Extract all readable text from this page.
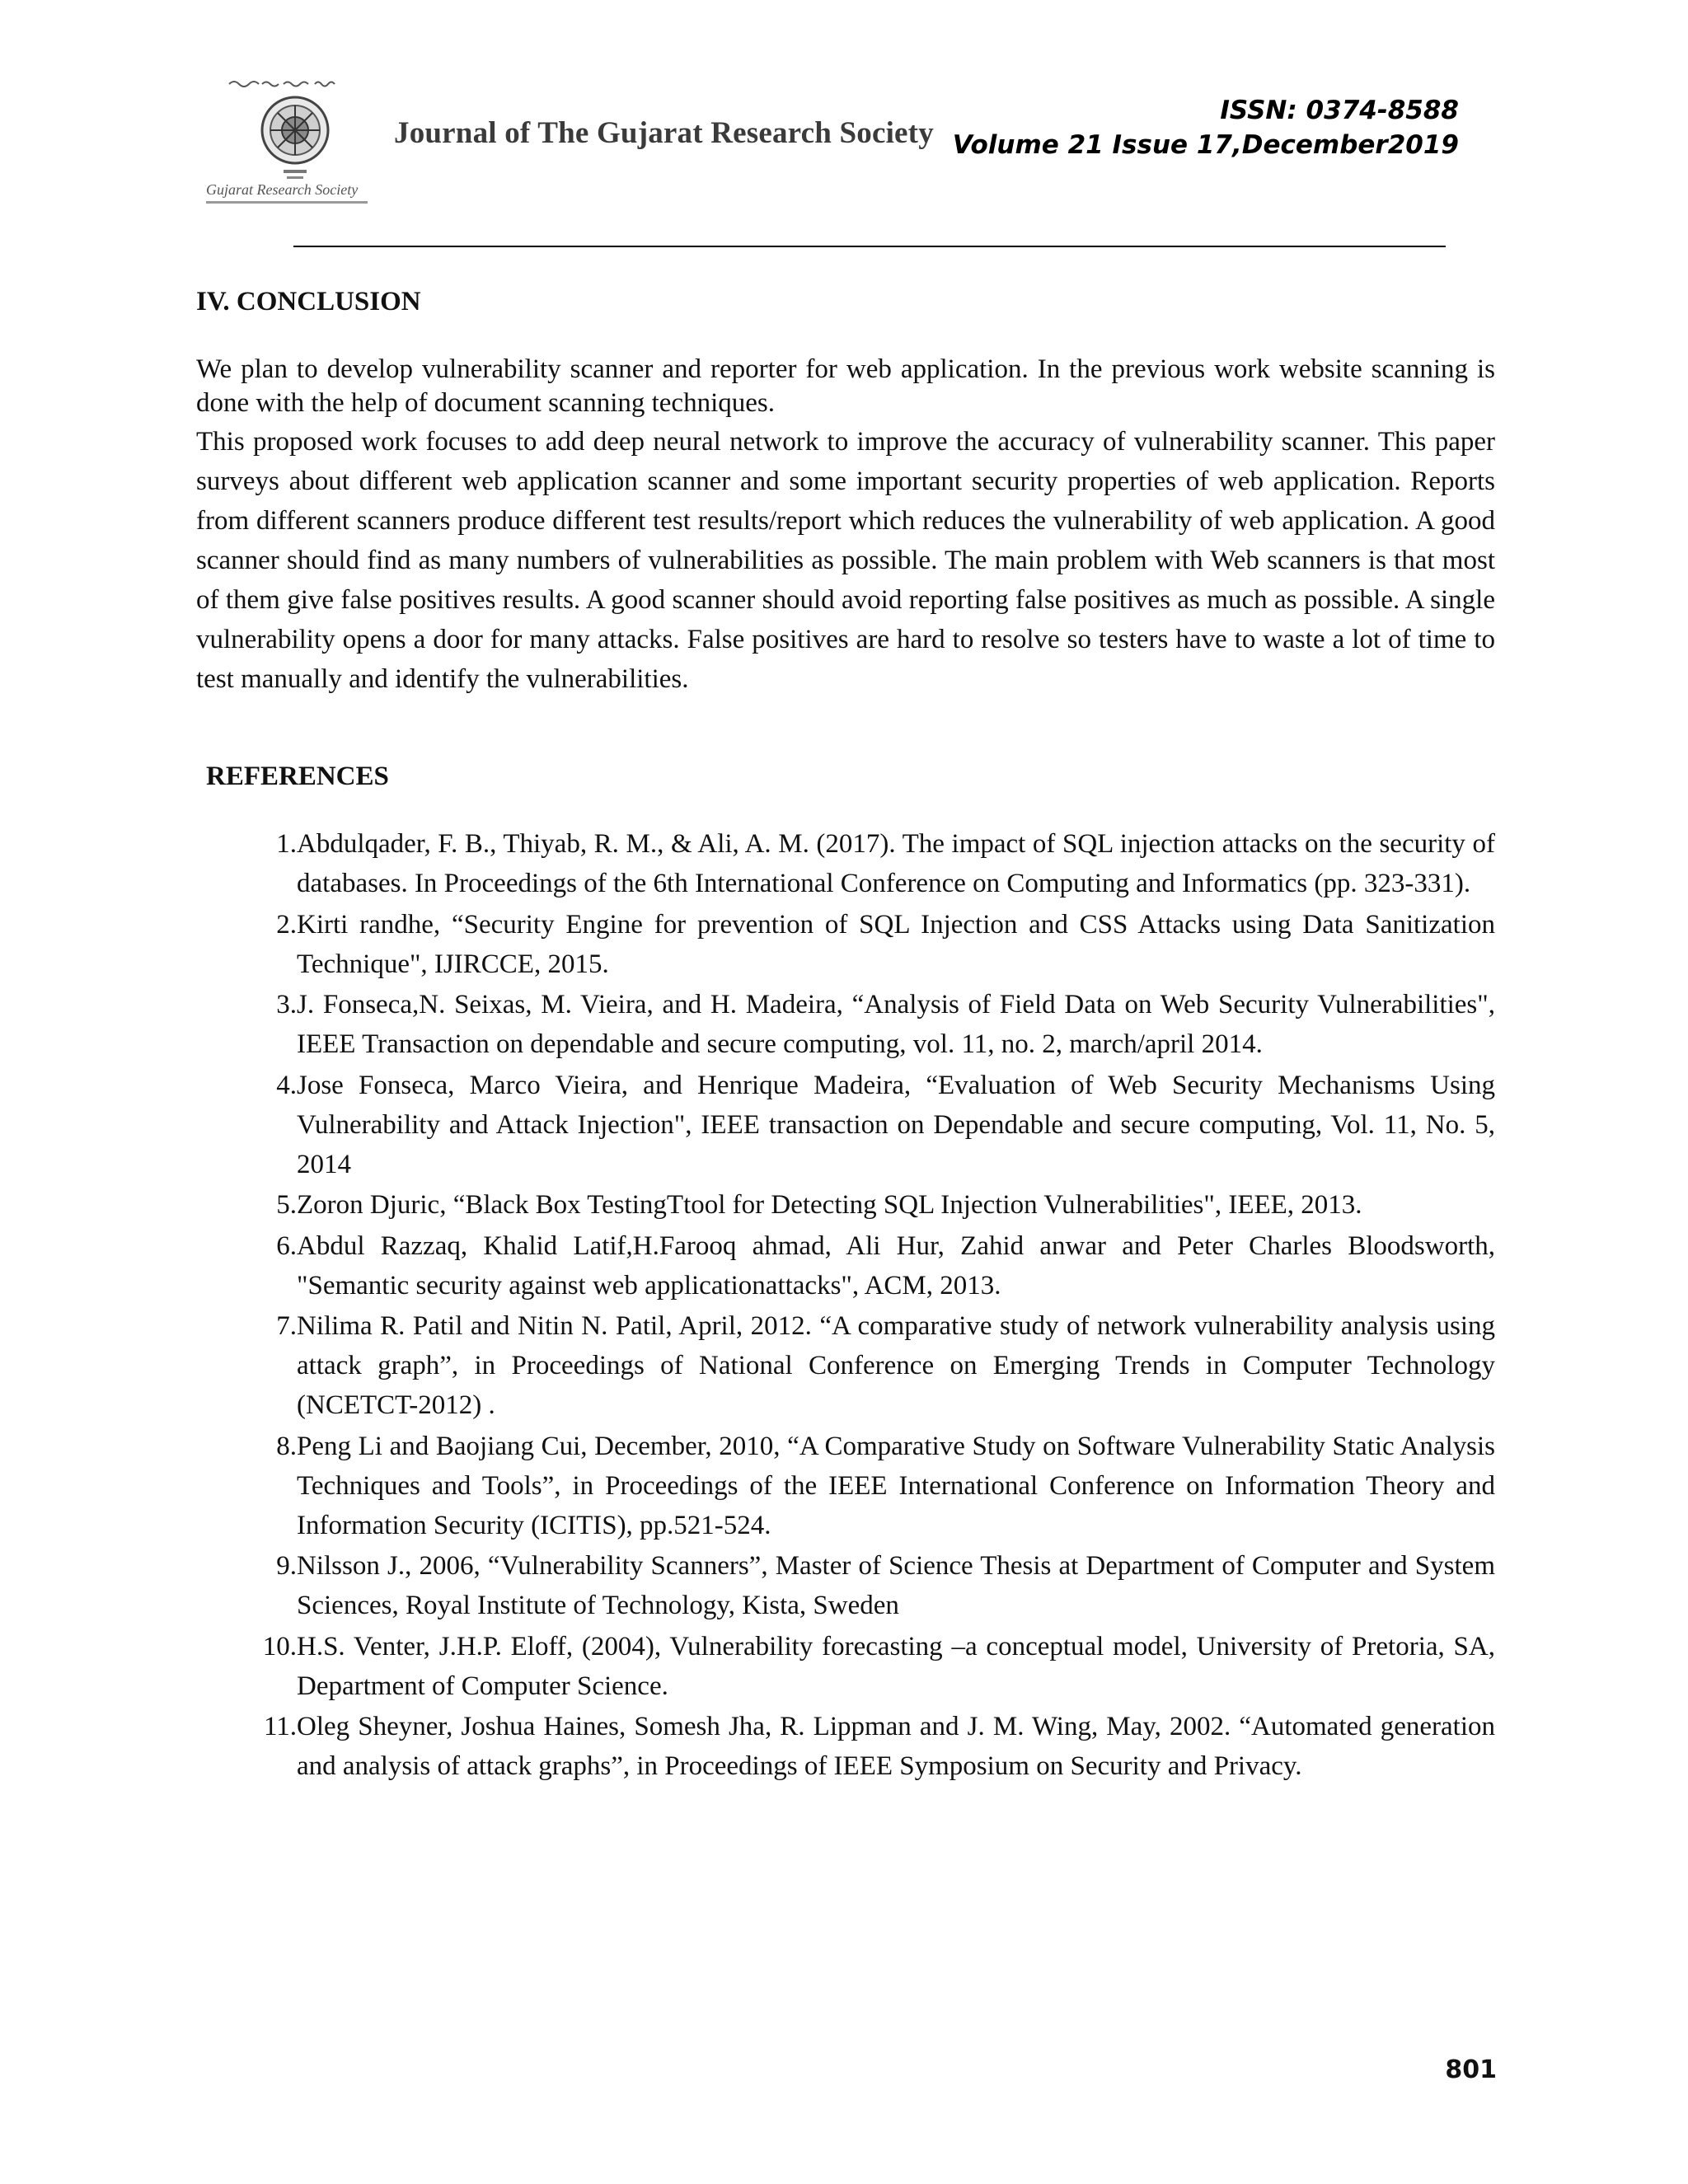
Gujarat Research Society
Journal of The Gujarat Research Society
ISSN: 0374-8588
Volume 21 Issue 17,December2019
IV. CONCLUSION

We plan to develop vulnerability scanner and reporter for web application. In the previous work website scanning is done with the help of document scanning techniques.

This proposed work focuses to add deep neural network to improve the accuracy of vulnerability scanner. This paper surveys about different web application scanner and some important security properties of web application. Reports from different scanners produce different test results/report which reduces the vulnerability of web application. A good scanner should find as many numbers of vulnerabilities as possible. The main problem with Web scanners is that most of them give false positives results. A good scanner should avoid reporting false positives as much as possible. A single vulnerability opens a door for many attacks. False positives are hard to resolve so testers have to waste a lot of time to test manually and identify the vulnerabilities.

REFERENCES
1. Abdulqader, F. B., Thiyab, R. M., & Ali, A. M. (2017). The impact of SQL injection attacks on the security of databases. In Proceedings of the 6th International Conference on Computing and Informatics (pp. 323-331).
2. Kirti randhe, “Security Engine for prevention of SQL Injection and CSS Attacks using Data Sanitization Technique", IJIRCCE, 2015.
3. J. Fonseca,N. Seixas, M. Vieira, and H. Madeira, “Analysis of Field Data on Web Security Vulnerabilities", IEEE Transaction on dependable and secure computing, vol. 11, no. 2, march/april 2014.
4. Jose Fonseca, Marco Vieira, and Henrique Madeira, “Evaluation of Web Security Mechanisms Using Vulnerability and Attack Injection", IEEE transaction on Dependable and secure computing, Vol. 11, No. 5, 2014
5. Zoron Djuric, “Black Box TestingTtool for Detecting SQL Injection Vulnerabilities", IEEE, 2013.
6. Abdul Razzaq, Khalid Latif,H.Farooq ahmad, Ali Hur, Zahid anwar and Peter Charles Bloodsworth, "Semantic security against web applicationattacks", ACM, 2013.
7. Nilima R. Patil and Nitin N. Patil, April, 2012. “A comparative study of network vulnerability analysis using attack graph”, in Proceedings of National Conference on Emerging Trends in Computer Technology (NCETCT-2012) .
8. Peng Li and Baojiang Cui, December, 2010, “A Comparative Study on Software Vulnerability Static Analysis Techniques and Tools”, in Proceedings of the IEEE International Conference on Information Theory and Information Security (ICITIS), pp.521-524.
9. Nilsson J., 2006, “Vulnerability Scanners”, Master of Science Thesis at Department of Computer and System Sciences, Royal Institute of Technology, Kista, Sweden
10. H.S. Venter, J.H.P. Eloff, (2004), Vulnerability forecasting –a conceptual model, University of Pretoria, SA, Department of Computer Science.
11. Oleg Sheyner, Joshua Haines, Somesh Jha, R. Lippman and J. M. Wing, May, 2002. “Automated generation and analysis of attack graphs”, in Proceedings of IEEE Symposium on Security and Privacy.
801
